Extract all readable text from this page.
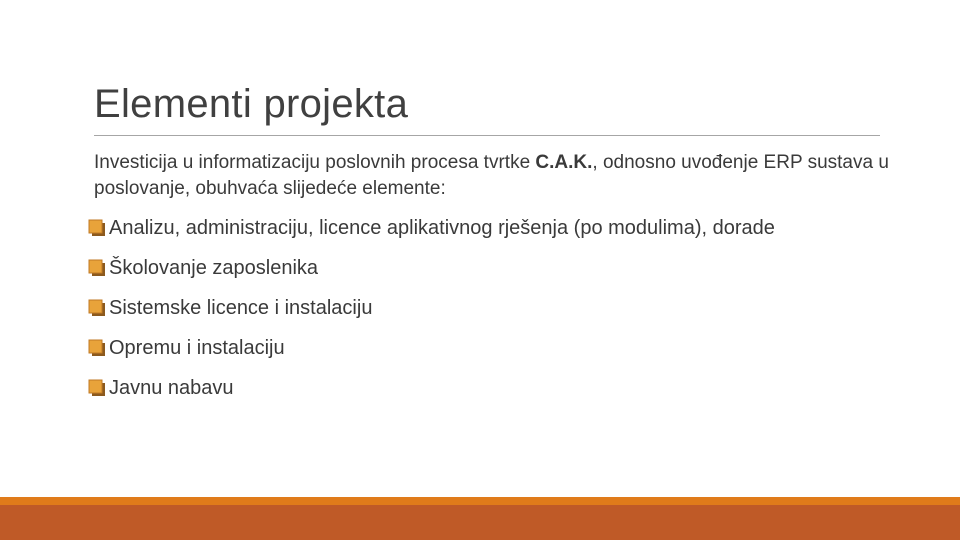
Elementi projekta
Investicija u informatizaciju poslovnih procesa tvrtke C.A.K., odnosno uvođenje ERP sustava u poslovanje, obuhvaća slijedeće elemente:
Analizu, administraciju, licence aplikativnog rješenja (po modulima), dorade
Školovanje zaposlenika
Sistemske licence i instalaciju
Opremu i instalaciju
Javnu nabavu
